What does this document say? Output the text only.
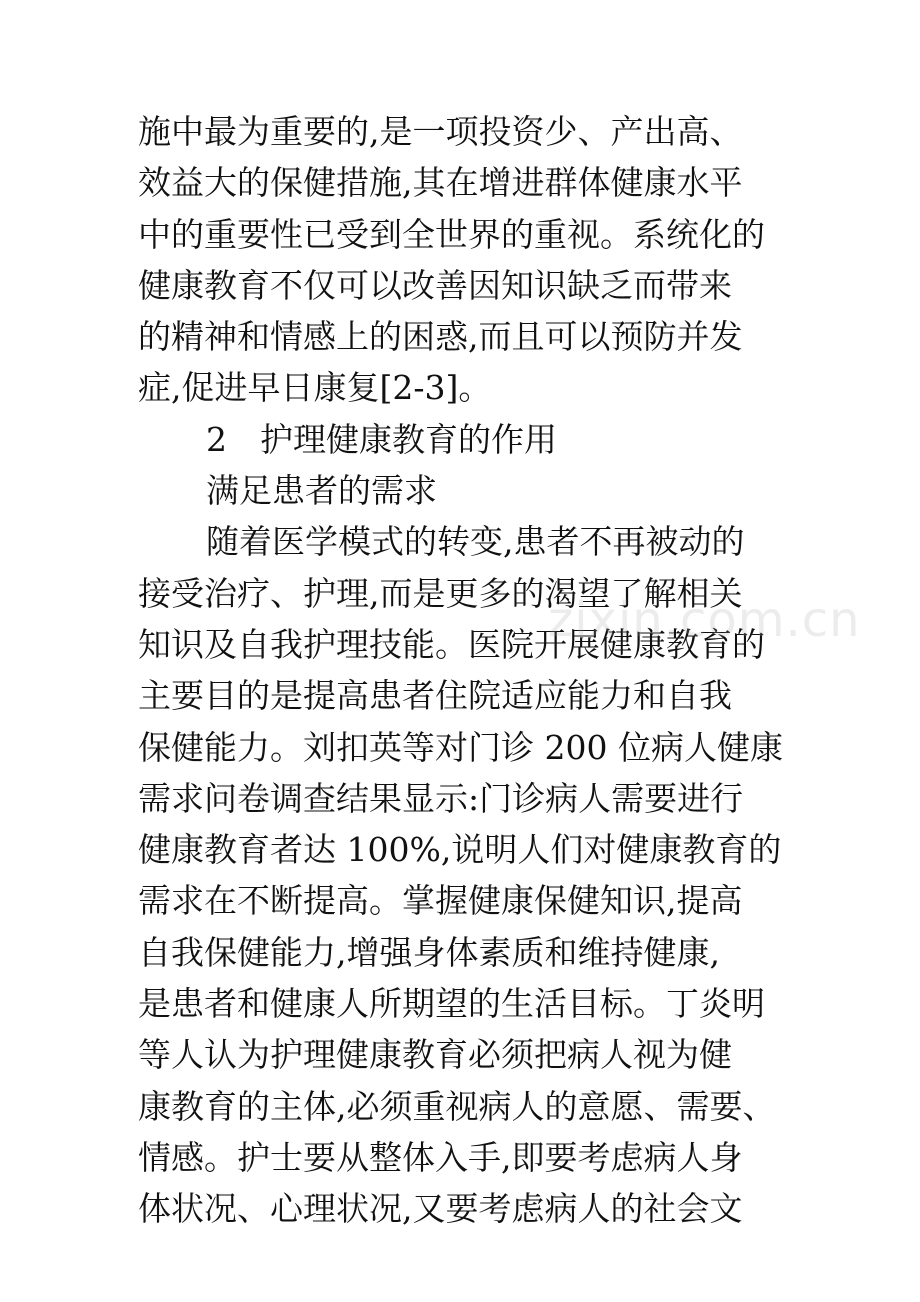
施中最为重要的,是一项投资少、产出高、
效益大的保健措施,其在增进群体健康水平
中的重要性已受到全世界的重视。系统化的
健康教育不仅可以改善因知识缺乏而带来
的精神和情感上的困惑,而且可以预防并发
症,促进早日康复[2-3]。
2　护理健康教育的作用
满足患者的需求
随着医学模式的转变,患者不再被动的
接受治疗、护理,而是更多的渴望了解相关
知识及自我护理技能。医院开展健康教育的
主要目的是提高患者住院适应能力和自我
保健能力。刘扣英等对门诊 200 位病人健康
需求问卷调查结果显示:门诊病人需要进行
健康教育者达 100%,说明人们对健康教育的
需求在不断提高。掌握健康保健知识,提高
自我保健能力,增强身体素质和维持健康,
是患者和健康人所期望的生活目标。丁炎明
等人认为护理健康教育必须把病人视为健
康教育的主体,必须重视病人的意愿、需要、
情感。护士要从整体入手,即要考虑病人身
体状况、心理状况,又要考虑病人的社会文
zixin.com.cn
